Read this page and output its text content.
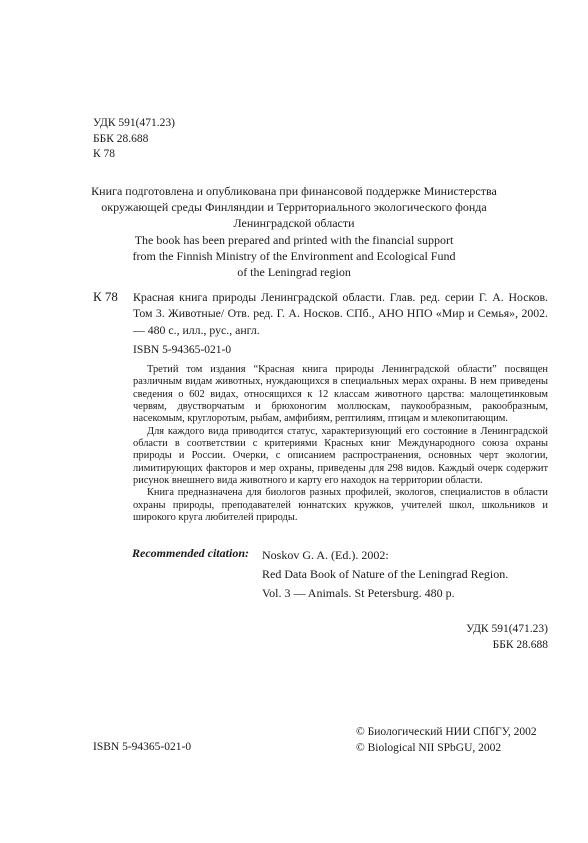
УДК 591(471.23)
ББК 28.688
К 78
Книга подготовлена и опубликована при финансовой поддержке Министерства
окружающей среды Финляндии и Территориального экологического фонда
Ленинградской области
The book has been prepared and printed with the financial support
from the Finnish Ministry of the Environment and Ecological Fund
of the Leningrad region
К 78 Красная книга природы Ленинградской области. Глав. ред. серии Г. А. Носков. Том 3. Животные/ Отв. ред. Г. А. Носков. СПб., АНО НПО «Мир и Семья», 2002. — 480 с., илл., рус., англ.
ISBN 5-94365-021-0

Третий том издания “Красная книга природы Ленинградской области” посвящен различным видам животных, нуждающихся в специальных мерах охраны. В нем приведены сведения о 602 видах, относящихся к 12 классам животного царства: малощетинковым червям, двустворчатым и брюхоногим моллюскам, паукообразным, ракообразным, насекомым, круглоротым, рыбам, амфибиям, рептилиям, птицам и млекопитающим.

Для каждого вида приводится статус, характеризующий его состояние в Ленинградской области в соответствии с критериями Красных книг Международного союза охраны природы и России. Очерки, с описанием распространения, основных черт экологии, лимитирующих факторов и мер охраны, приведены для 298 видов. Каждый очерк содержит рисунок внешнего вида животного и карту его находок на территории области.

Книга предназначена для биологов разных профилей, экологов, специалистов в области охраны природы, преподавателей юннатских кружков, учителей школ, школьников и широкого круга любителей природы.

Recommended citation: Noskov G. A. (Ed.). 2002:
Red Data Book of Nature of the Leningrad Region.
Vol. 3 — Animals. St Petersburg. 480 p.
УДК 591(471.23)
ББК 28.688
ISBN 5-94365-021-0
© Биологический НИИ СПбГУ, 2002
© Biological NII SPbGU, 2002
